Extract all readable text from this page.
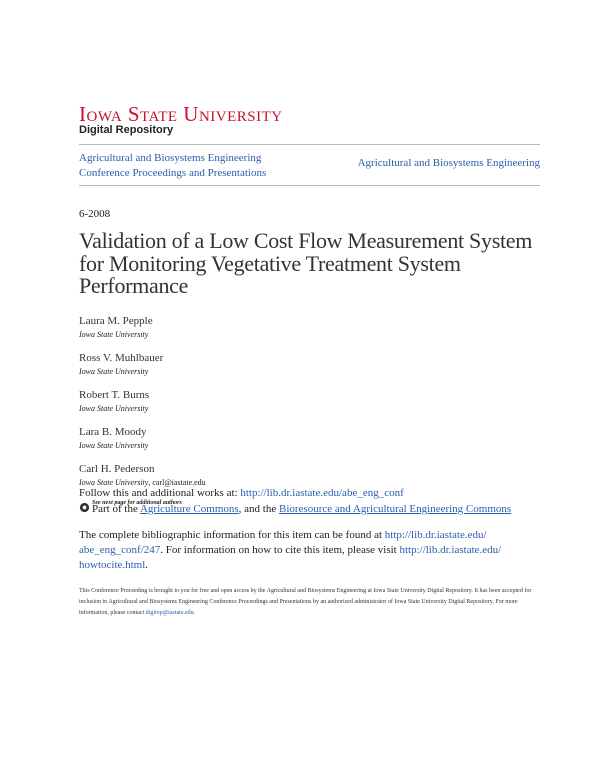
Iowa State University
Digital Repository
Agricultural and Biosystems Engineering
Conference Proceedings and Presentations
Agricultural and Biosystems Engineering
6-2008
Validation of a Low Cost Flow Measurement System for Monitoring Vegetative Treatment System Performance
Laura M. Pepple
Iowa State University
Ross V. Muhlbauer
Iowa State University
Robert T. Burns
Iowa State University
Lara B. Moody
Iowa State University
Carl H. Pederson
Iowa State University, carl@iastate.edu
Follow this and additional works at: http://lib.dr.iastate.edu/abe_eng_conf
Part of the Agriculture Commons, and the Bioresource and Agricultural Engineering Commons
See next page for additional authors
The complete bibliographic information for this item can be found at http://lib.dr.iastate.edu/
abe_eng_conf/247. For information on how to cite this item, please visit http://lib.dr.iastate.edu/
howtocite.html.
This Conference Proceeding is brought to you for free and open access by the Agricultural and Biosystems Engineering at Iowa State University Digital Repository. It has been accepted for inclusion in Agricultural and Biosystems Engineering Conference Proceedings and Presentations by an authorized administrator of Iowa State University Digital Repository. For more information, please contact digirep@iastate.edu.
